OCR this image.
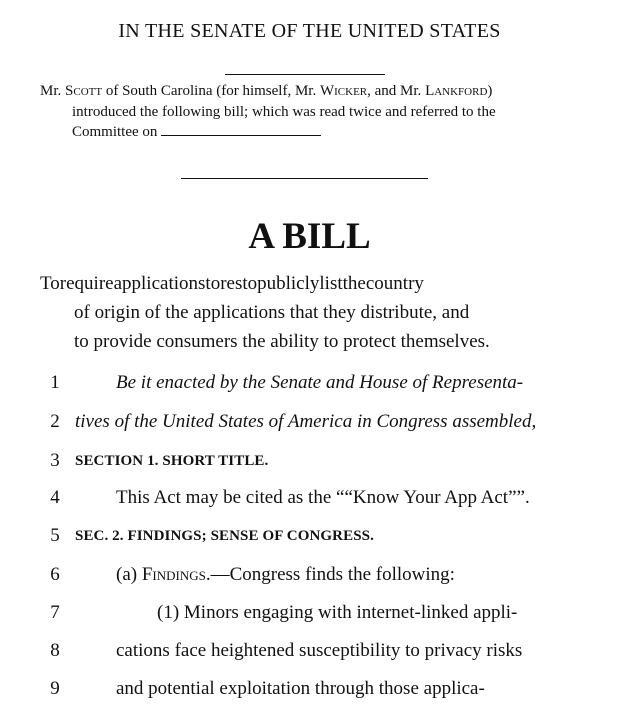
IN THE SENATE OF THE UNITED STATES
Mr. Scott of South Carolina (for himself, Mr. Wicker, and Mr. Lankford)
introduced the following bill; which was read twice and referred to the
Committee on
A BILL
Torequireapplicationstorestopubliclylistthecountry
of origin of the applications that they distribute, and
to provide consumers the ability to protect themselves.
1	Be it enacted by the Senate and House of Representa-
2 tives of the United States of America in Congress assembled,
3	SECTION 1. SHORT TITLE.
4	This Act may be cited as the ““Know Your App Act””.
5	SEC. 2. FINDINGS; SENSE OF CONGRESS.
6	(a) Findings.—Congress finds the following:
7	(1) Minors engaging with internet-linked appli-
8	cations face heightened susceptibility to privacy risks
9	and potential exploitation through those applica-
